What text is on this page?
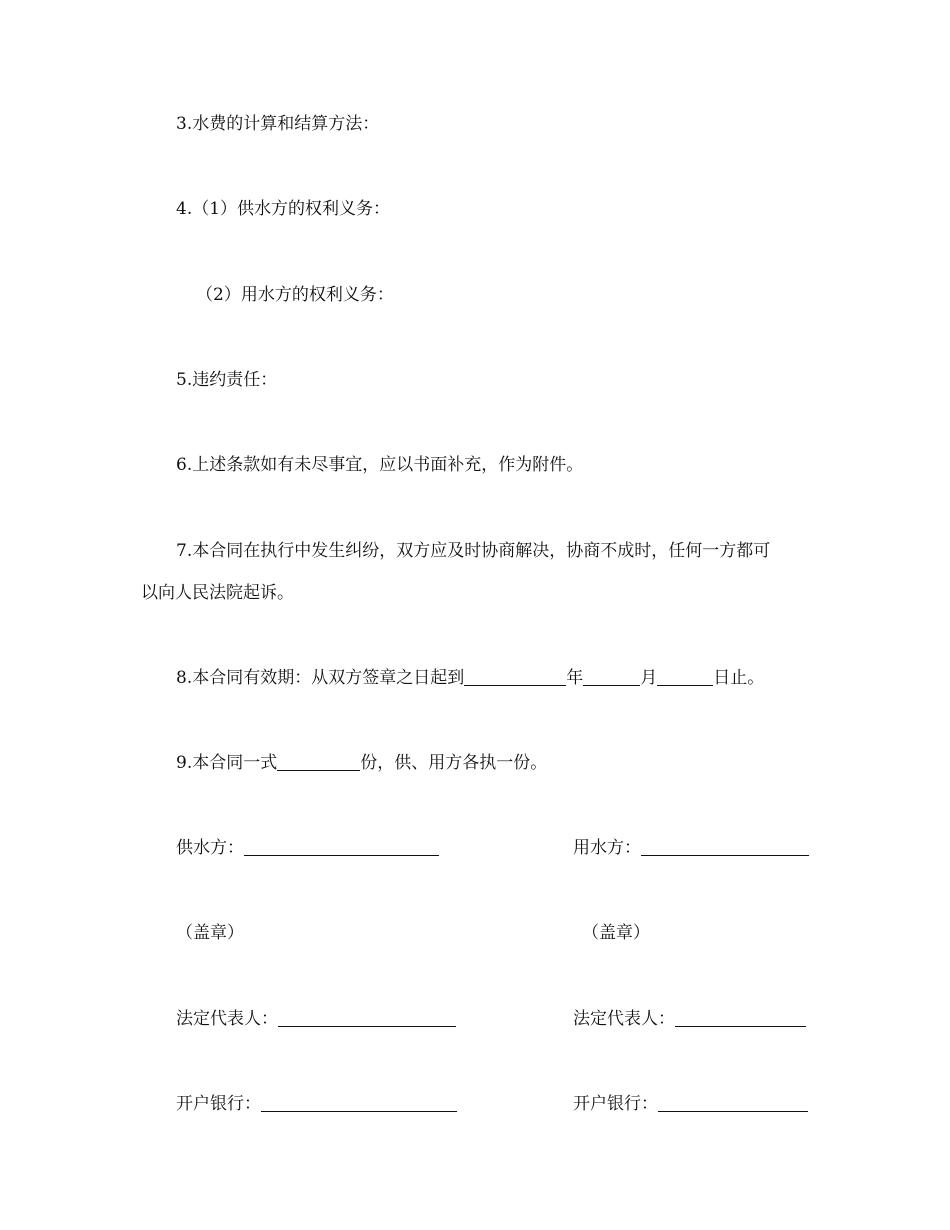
3.水费的计算和结算方法：
4.（1）供水方的权利义务：
（2）用水方的权利义务：
5.违约责任：
6.上述条款如有未尽事宜，应以书面补充，作为附件。
7.本合同在执行中发生纠纷，双方应及时协商解决，协商不成时，任何一方都可
以向人民法院起诉。
8.本合同有效期：从双方签章之日起到	年	月	日止。
9.本合同一式	份，供、用方各执一份。
供水方：	用水方：
（盖章）	（盖章）
法定代表人：	法定代表人：
开户银行：	开户银行：
